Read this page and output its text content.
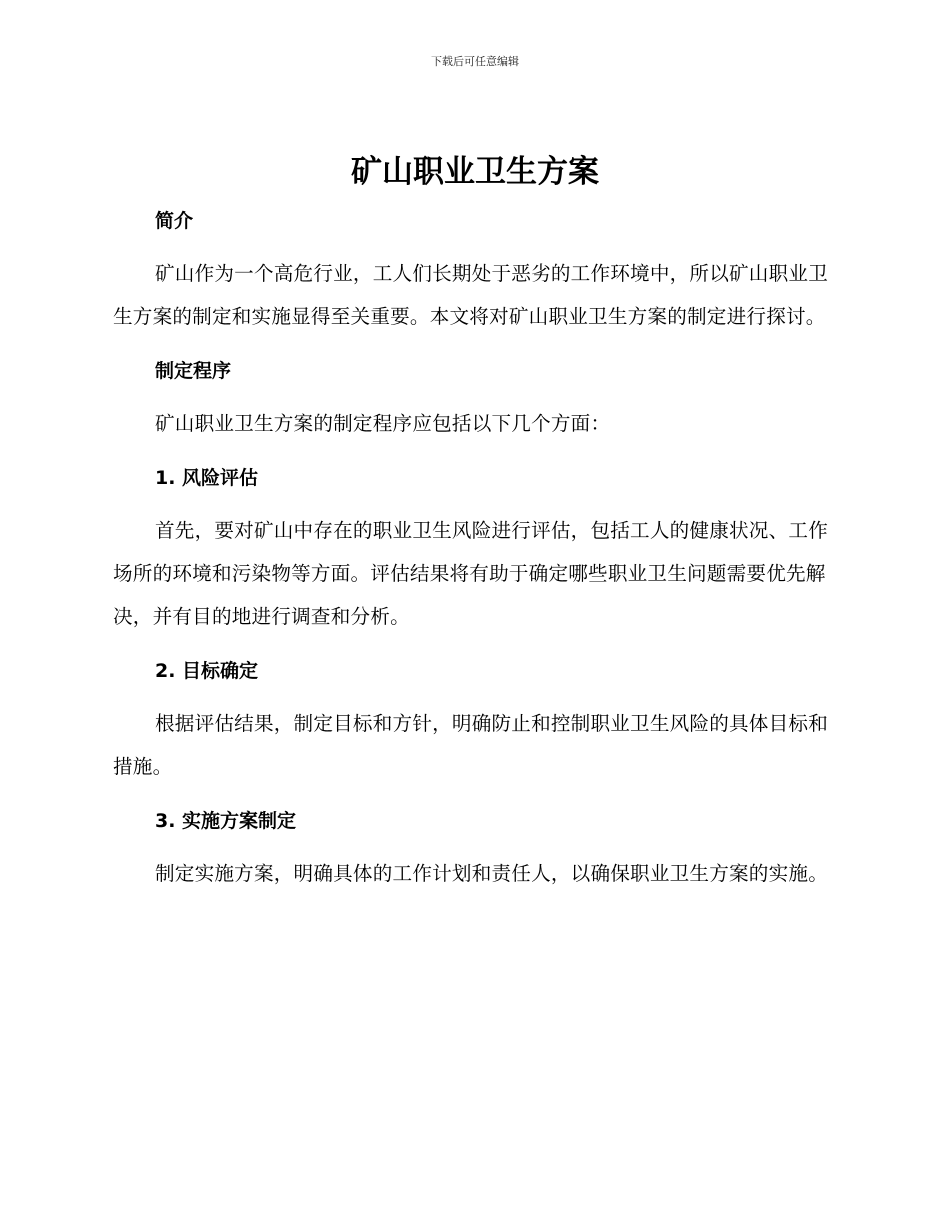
下载后可任意编辑
矿山职业卫生方案
简介

矿山作为一个高危行业，工人们长期处于恶劣的工作环境中，所以矿山职业卫生方案的制定和实施显得至关重要。本文将对矿山职业卫生方案的制定进行探讨。

制定程序

矿山职业卫生方案的制定程序应包括以下几个方面：

1. 风险评估

首先，要对矿山中存在的职业卫生风险进行评估，包括工人的健康状况、工作场所的环境和污染物等方面。评估结果将有助于确定哪些职业卫生问题需要优先解决，并有目的地进行调查和分析。

2. 目标确定

根据评估结果，制定目标和方针，明确防止和控制职业卫生风险的具体目标和措施。

3. 实施方案制定

制定实施方案，明确具体的工作计划和责任人，以确保职业卫生方案的实施。
